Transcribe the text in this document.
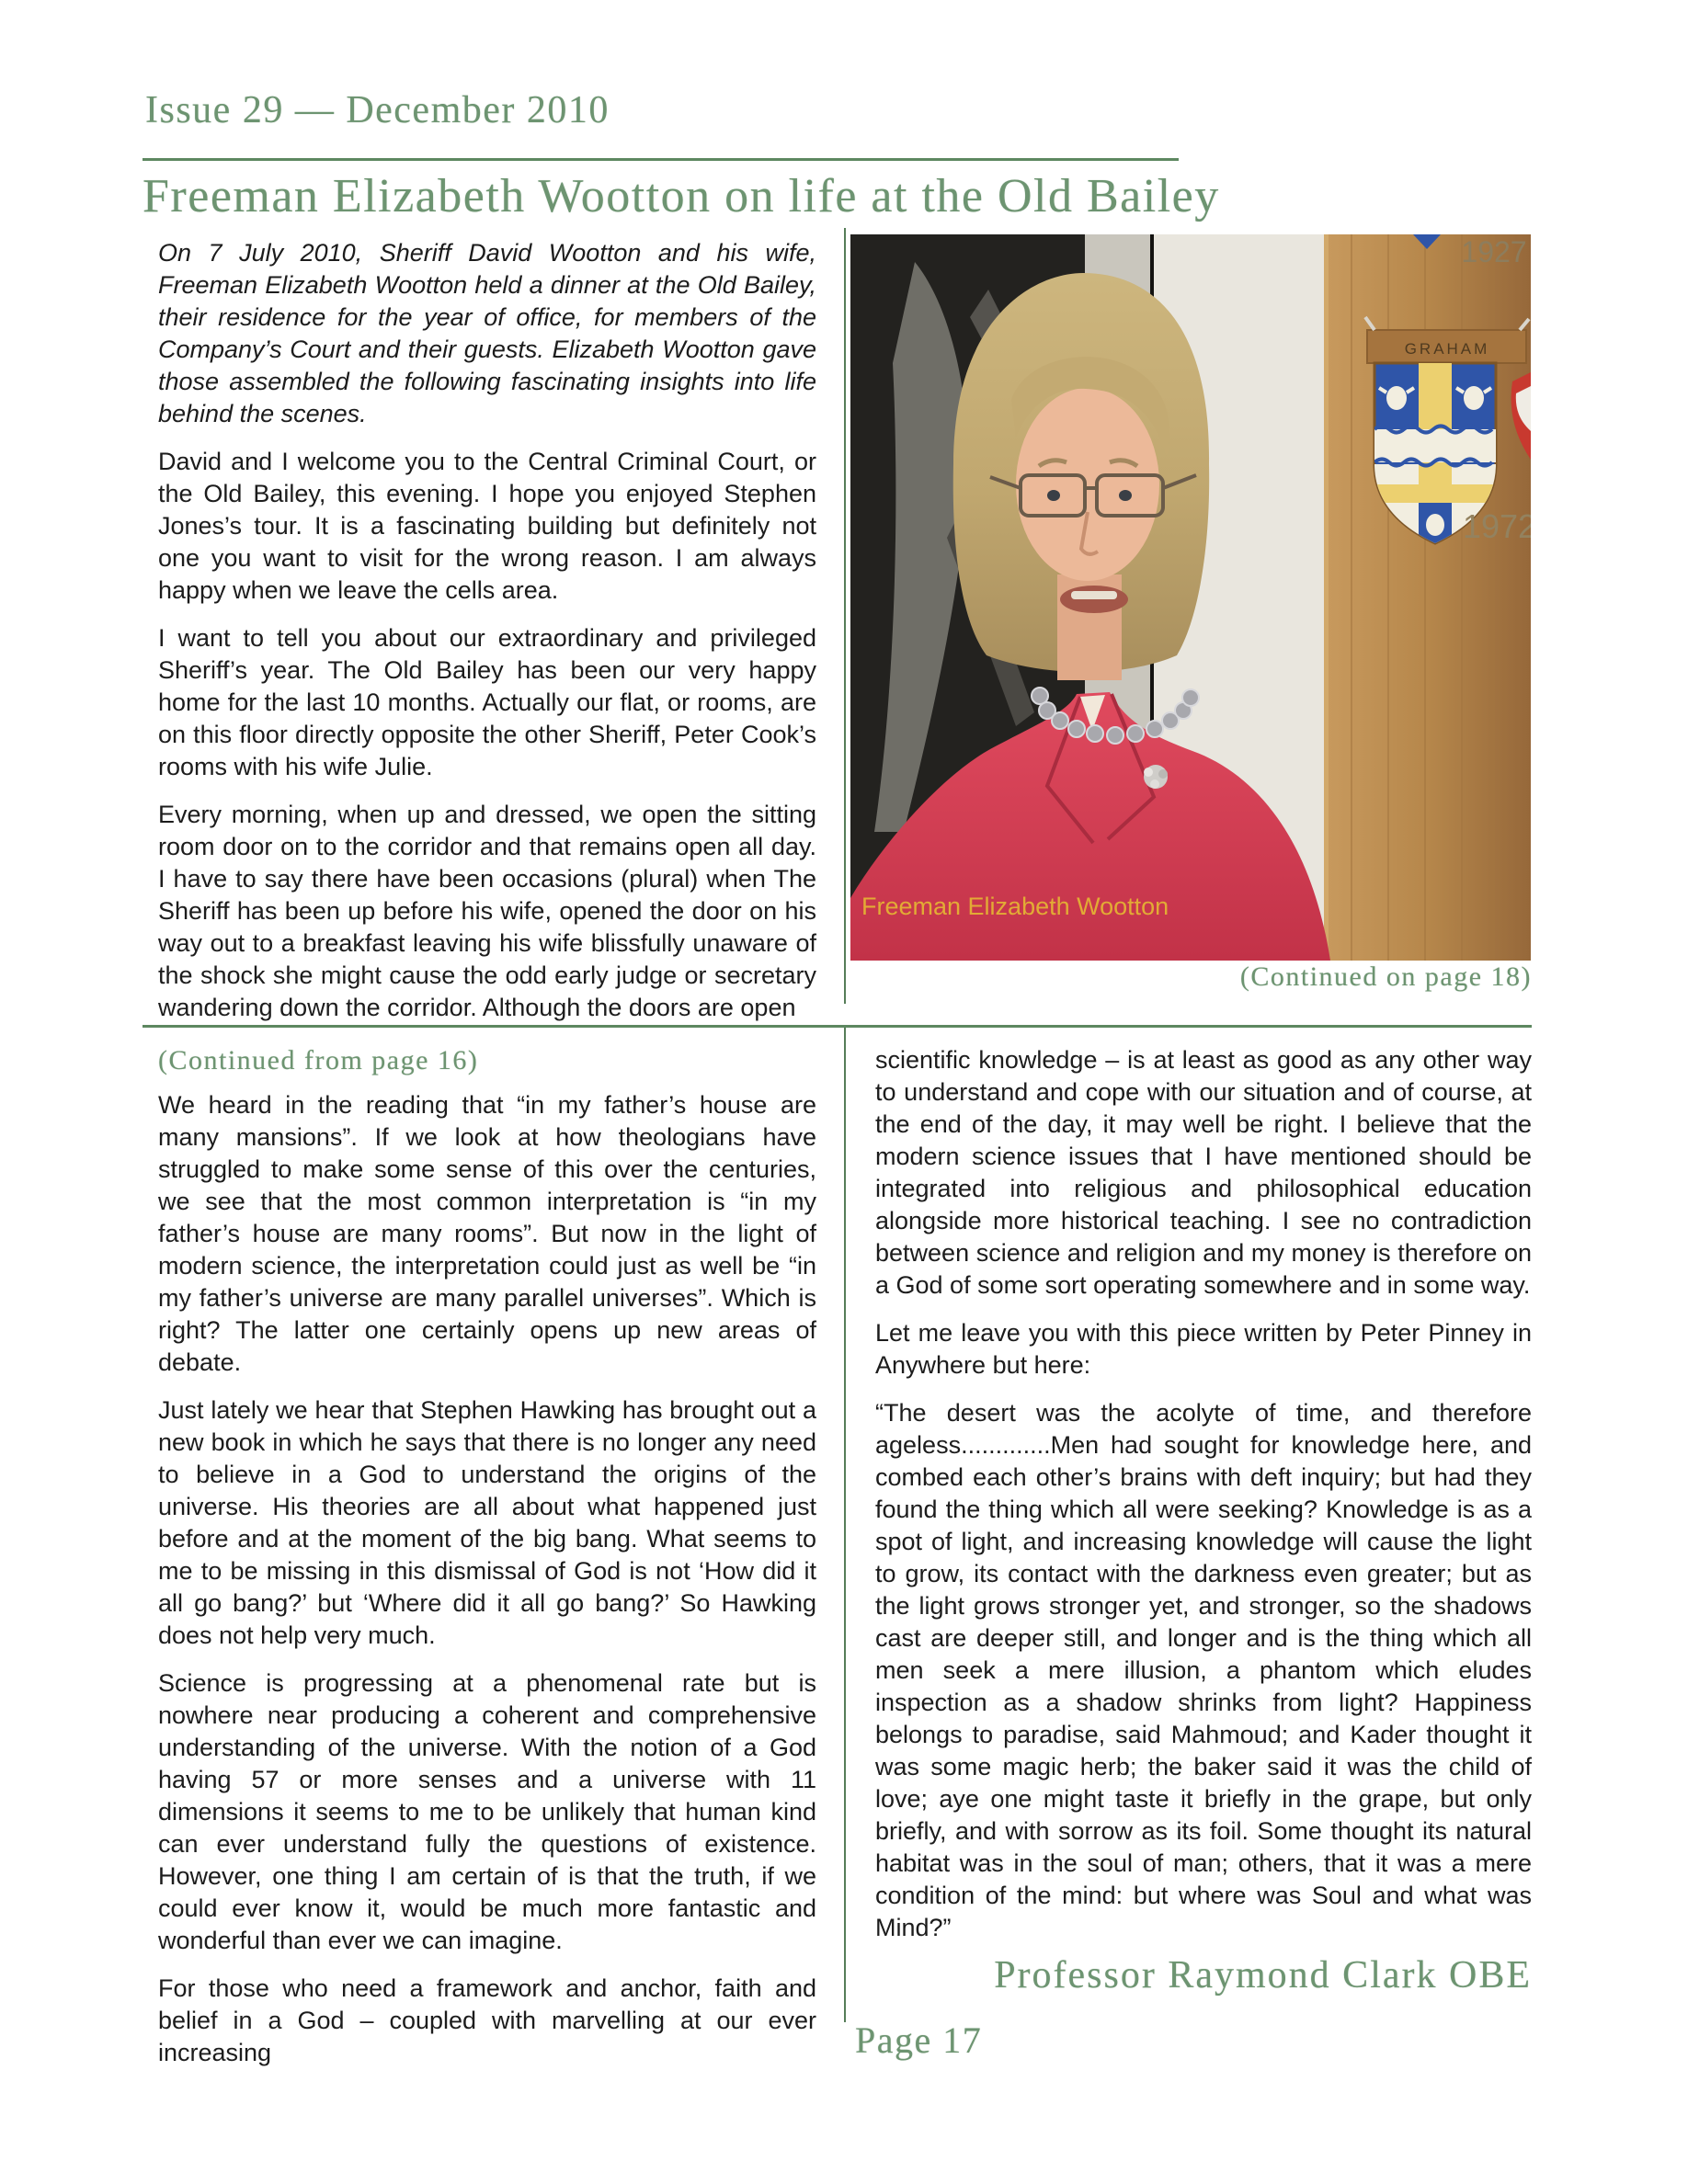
Issue 29 — December 2010
Freeman Elizabeth Wootton on life at the Old Bailey

On 7 July 2010, Sheriff David Wootton and his wife, Freeman Elizabeth Wootton held a dinner at the Old Bailey, their residence for the year of office, for members of the Company’s Court and their guests. Elizabeth Wootton gave those assembled the following fascinating insights into life behind the scenes.

David and I welcome you to the Central Criminal Court, or the Old Bailey, this evening. I hope you enjoyed Stephen Jones’s tour. It is a fascinating building but definitely not one you want to visit for the wrong reason. I am always happy when we leave the cells area.

I want to tell you about our extraordinary and privileged Sheriff’s year. The Old Bailey has been our very happy home for the last 10 months. Actually our flat, or rooms, are on this floor directly opposite the other Sheriff, Peter Cook’s rooms with his wife Julie.

Every morning, when up and dressed, we open the sitting room door on to the corridor and that remains open all day. I have to say there have been occasions (plural) when The Sheriff has been up before his wife, opened the door on his way out to a breakfast leaving his wife blissfully unaware of the shock she might cause the odd early judge or secretary wandering down the corridor. Although the doors are open

1927
GRAHAM
1972
Freeman Elizabeth Wootton
(Continued on page 18)
(Continued from page 16)

We heard in the reading that “in my father’s house are many mansions”. If we look at how theologians have struggled to make some sense of this over the centuries, we see that the most common interpretation is “in my father’s house are many rooms”. But now in the light of modern science, the interpretation could just as well be “in my father’s universe are many parallel universes”. Which is right? The latter one certainly opens up new areas of debate.

Just lately we hear that Stephen Hawking has brought out a new book in which he says that there is no longer any need to believe in a God to understand the origins of the universe. His theories are all about what happened just before and at the moment of the big bang. What seems to me to be missing in this dismissal of God is not ‘How did it all go bang?’ but ‘Where did it all go bang?’ So Hawking does not help very much.

Science is progressing at a phenomenal rate but is nowhere near producing a coherent and comprehensive understanding of the universe. With the notion of a God having 57 or more senses and a universe with 11 dimensions it seems to me to be unlikely that human kind can ever understand fully the questions of existence. However, one thing I am certain of is that the truth, if we could ever know it, would be much more fantastic and wonderful than ever we can imagine.

For those who need a framework and anchor, faith and belief in a God – coupled with marvelling at our ever increasing

scientific knowledge – is at least as good as any other way to understand and cope with our situation and of course, at the end of the day, it may well be right. I believe that the modern science issues that I have mentioned should be integrated into religious and philosophical education alongside more historical teaching. I see no contradiction between science and religion and my money is therefore on a God of some sort operating somewhere and in some way.

Let me leave you with this piece written by Peter Pinney in Anywhere but here:

“The desert was the acolyte of time, and therefore ageless.............Men had sought for knowledge here, and combed each other’s brains with deft inquiry; but had they found the thing which all were seeking? Knowledge is as a spot of light, and increasing knowledge will cause the light to grow, its contact with the darkness even greater; but as the light grows stronger yet, and stronger, so the shadows cast are deeper still, and longer and is the thing which all men seek a mere illusion, a phantom which eludes inspection as a shadow shrinks from light? Happiness belongs to paradise, said Mahmoud; and Kader thought it was some magic herb; the baker said it was the child of love; aye one might taste it briefly in the grape, but only briefly, and with sorrow as its foil. Some thought its natural habitat was in the soul of man; others, that it was a mere condition of the mind: but where was Soul and what was Mind?”

Professor Raymond Clark OBE
Page 17
